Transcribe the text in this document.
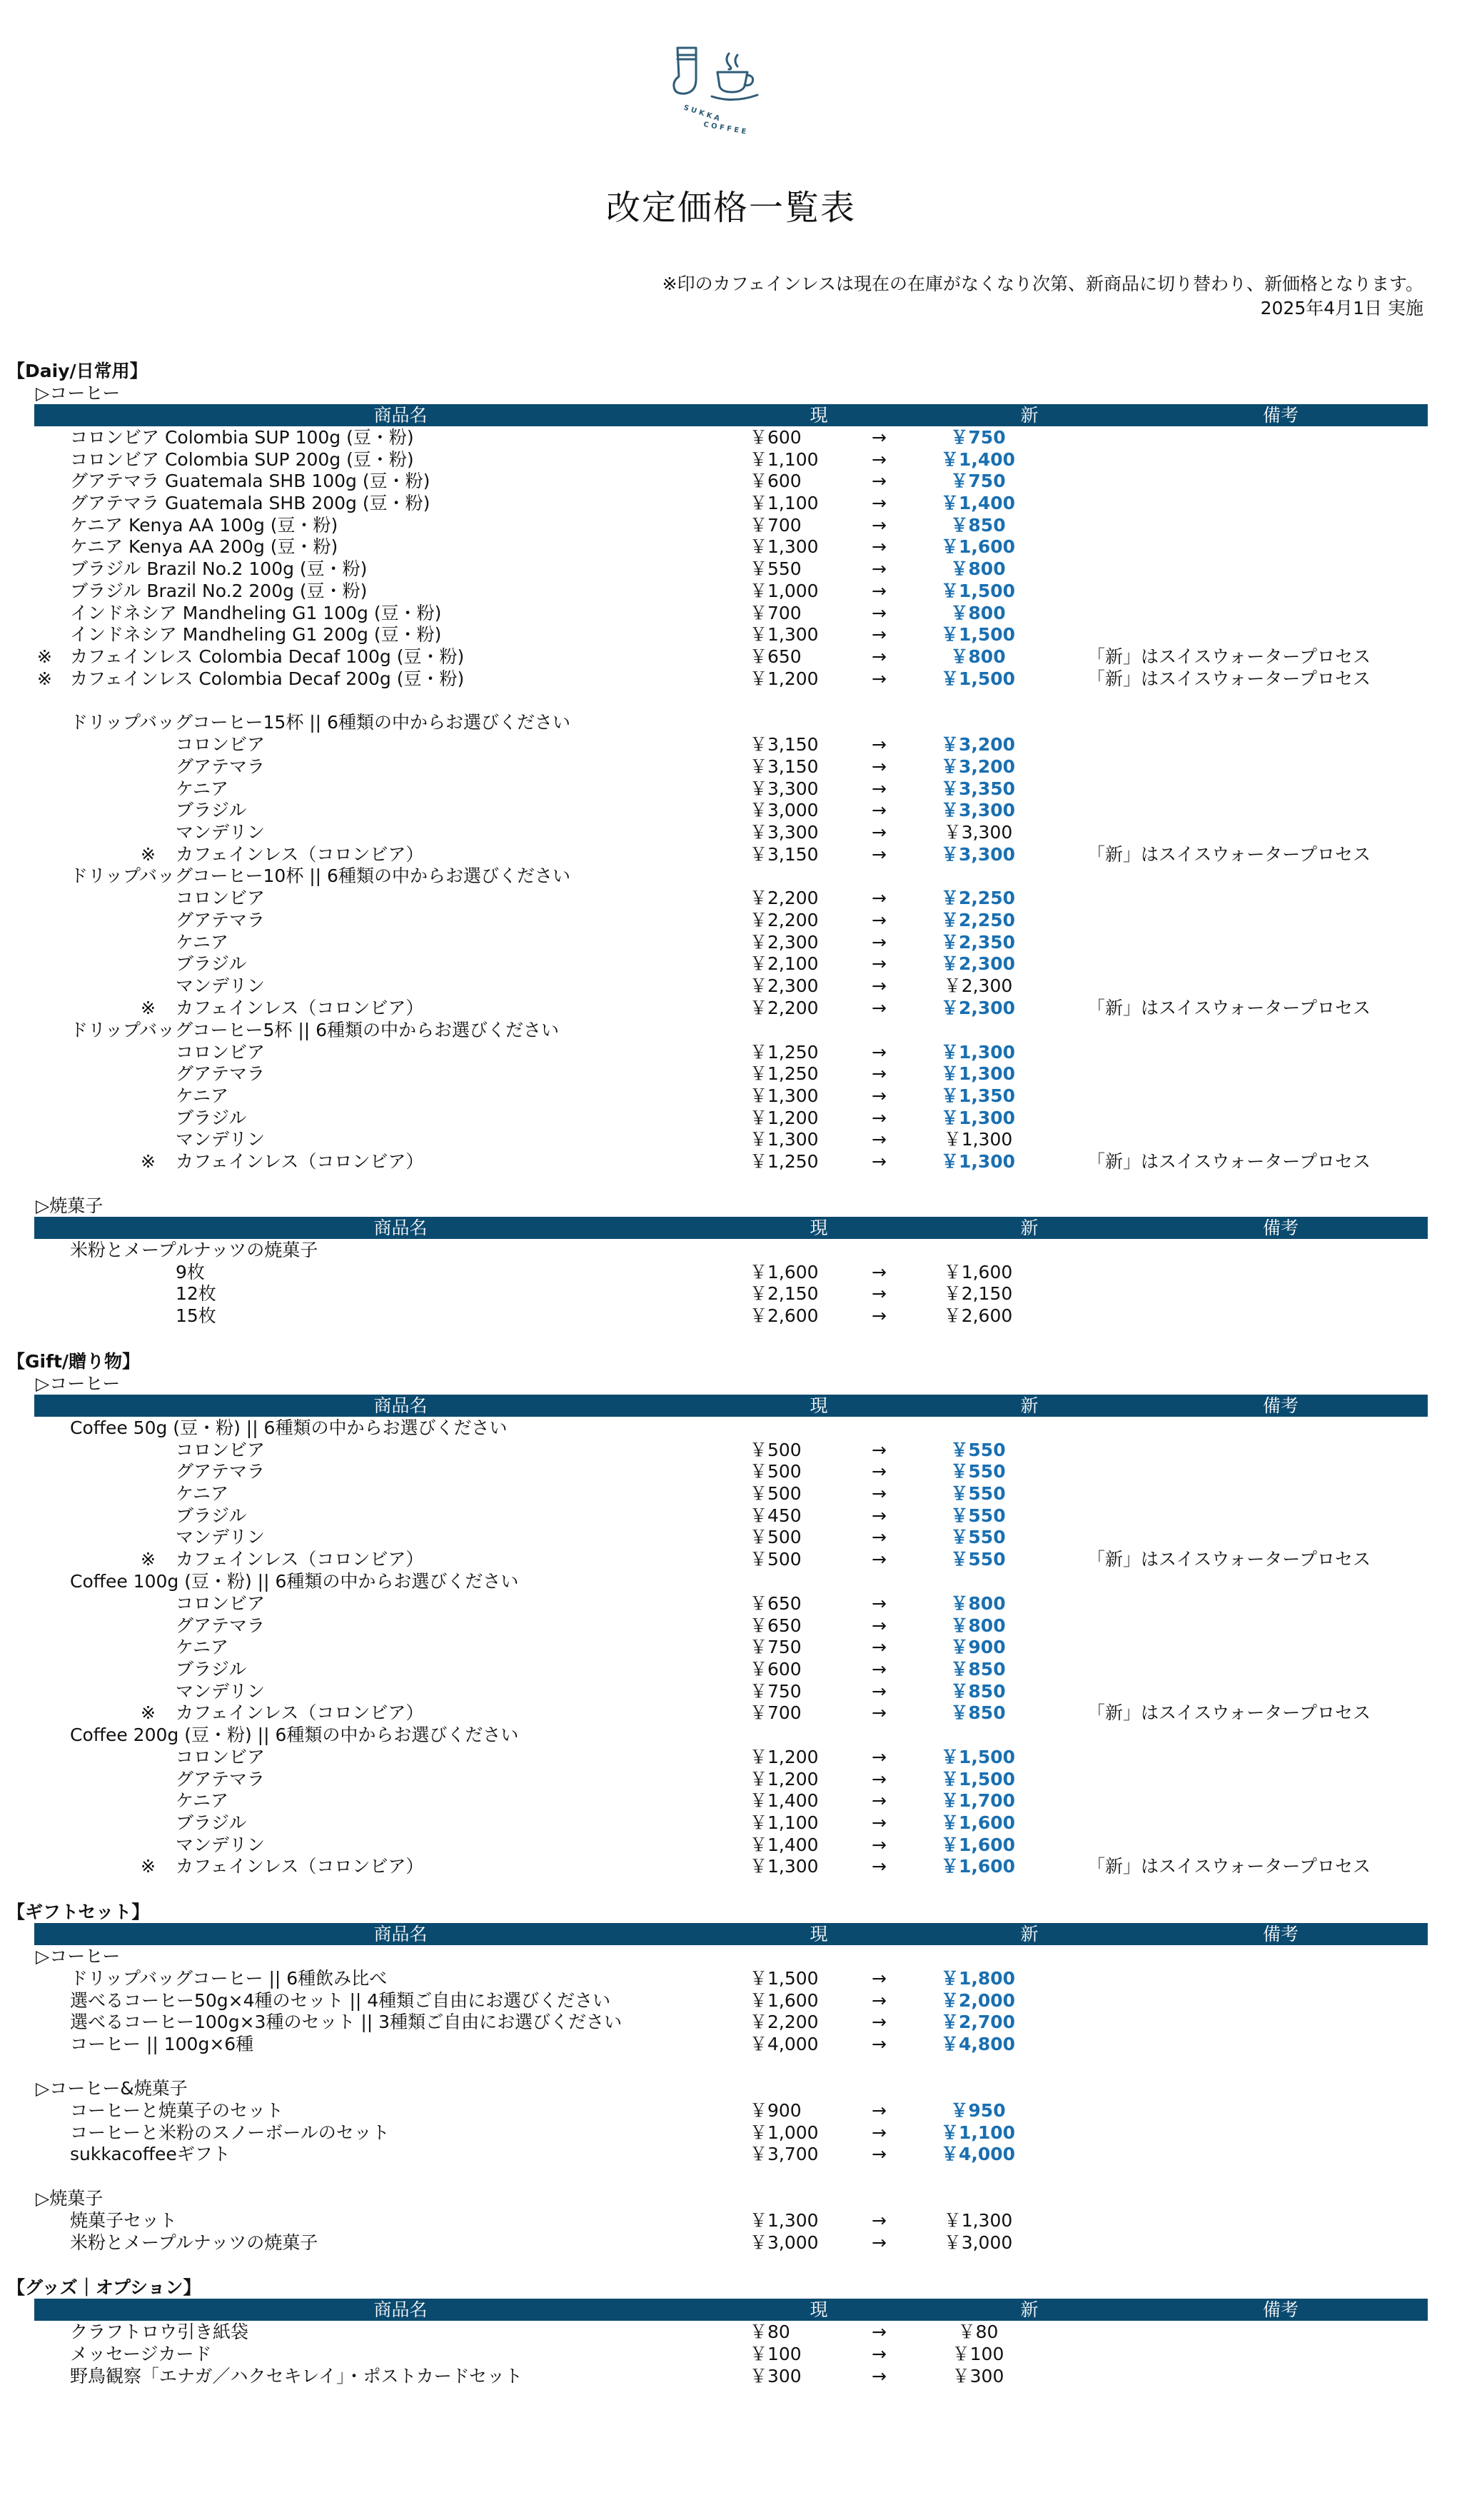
S U K K A
C O F F E E
改定価格一覧表
※印のカフェインレスは現在の在庫がなくなり次第、新商品に切り替わり、新価格となります。
2025年4月1日 実施
【Daiy/日常用】
▷コーヒー
商品名	現	新	備考
コロンビア Colombia SUP 100g (豆・粉)	￥600	→	￥750
コロンビア Colombia SUP 200g (豆・粉)	￥1,100	→	￥1,400
グアテマラ Guatemala SHB 100g (豆・粉)	￥600	→	￥750
グアテマラ Guatemala SHB 200g (豆・粉)	￥1,100	→	￥1,400
ケニア Kenya AA 100g (豆・粉)	￥700	→	￥850
ケニア Kenya AA 200g (豆・粉)	￥1,300	→	￥1,600
ブラジル Brazil No.2 100g (豆・粉)	￥550	→	￥800
ブラジル Brazil No.2 200g (豆・粉)	￥1,000	→	￥1,500
インドネシア Mandheling G1 100g (豆・粉)	￥700	→	￥800
インドネシア Mandheling G1 200g (豆・粉)	￥1,300	→	￥1,500
※ カフェインレス Colombia Decaf 100g (豆・粉)	￥650	→	￥800	「新」はスイスウォータープロセス
※ カフェインレス Colombia Decaf 200g (豆・粉)	￥1,200	→	￥1,500	「新」はスイスウォータープロセス
ドリップバッグコーヒー15杯 || 6種類の中からお選びください
コロンビア	￥3,150	→	￥3,200
グアテマラ	￥3,150	→	￥3,200
ケニア	￥3,300	→	￥3,350
ブラジル	￥3,000	→	￥3,300
マンデリン	￥3,300	→	￥3,300
※ カフェインレス（コロンビア）	￥3,150	→	￥3,300	「新」はスイスウォータープロセス
ドリップバッグコーヒー10杯 || 6種類の中からお選びください
コロンビア	￥2,200	→	￥2,250
グアテマラ	￥2,200	→	￥2,250
ケニア	￥2,300	→	￥2,350
ブラジル	￥2,100	→	￥2,300
マンデリン	￥2,300	→	￥2,300
※ カフェインレス（コロンビア）	￥2,200	→	￥2,300	「新」はスイスウォータープロセス
ドリップバッグコーヒー5杯 || 6種類の中からお選びください
コロンビア	￥1,250	→	￥1,300
グアテマラ	￥1,250	→	￥1,300
ケニア	￥1,300	→	￥1,350
ブラジル	￥1,200	→	￥1,300
マンデリン	￥1,300	→	￥1,300
※ カフェインレス（コロンビア）	￥1,250	→	￥1,300	「新」はスイスウォータープロセス
▷焼菓子
商品名	現	新	備考
米粉とメープルナッツの焼菓子
9枚	￥1,600	→	￥1,600
12枚	￥2,150	→	￥2,150
15枚	￥2,600	→	￥2,600
【Gift/贈り物】
▷コーヒー
商品名	現	新	備考
Coffee 50g (豆・粉) || 6種類の中からお選びください
コロンビア	￥500	→	￥550
グアテマラ	￥500	→	￥550
ケニア	￥500	→	￥550
ブラジル	￥450	→	￥550
マンデリン	￥500	→	￥550
※ カフェインレス（コロンビア）	￥500	→	￥550	「新」はスイスウォータープロセス
Coffee 100g (豆・粉) || 6種類の中からお選びください
コロンビア	￥650	→	￥800
グアテマラ	￥650	→	￥800
ケニア	￥750	→	￥900
ブラジル	￥600	→	￥850
マンデリン	￥750	→	￥850
※ カフェインレス（コロンビア）	￥700	→	￥850	「新」はスイスウォータープロセス
Coffee 200g (豆・粉) || 6種類の中からお選びください
コロンビア	￥1,200	→	￥1,500
グアテマラ	￥1,200	→	￥1,500
ケニア	￥1,400	→	￥1,700
ブラジル	￥1,100	→	￥1,600
マンデリン	￥1,400	→	￥1,600
※ カフェインレス（コロンビア）	￥1,300	→	￥1,600	「新」はスイスウォータープロセス
【ギフトセット】
商品名	現	新	備考
▷コーヒー
ドリップバッグコーヒー || 6種飲み比べ	￥1,500	→	￥1,800
選べるコーヒー50g×4種のセット || 4種類ご自由にお選びください	￥1,600	→	￥2,000
選べるコーヒー100g×3種のセット || 3種類ご自由にお選びください	￥2,200	→	￥2,700
コーヒー || 100g×6種	￥4,000	→	￥4,800
▷コーヒー&焼菓子
コーヒーと焼菓子のセット	￥900	→	￥950
コーヒーと米粉のスノーボールのセット	￥1,000	→	￥1,100
sukkacoffeeギフト	￥3,700	→	￥4,000
▷焼菓子
焼菓子セット	￥1,300	→	￥1,300
米粉とメープルナッツの焼菓子	￥3,000	→	￥3,000
【グッズ｜オプション】
商品名	現	新	備考
クラフトロウ引き紙袋	￥80	→	￥80
メッセージカード	￥100	→	￥100
野鳥観察「エナガ／ハクセキレイ」・ポストカードセット	￥300	→	￥300
